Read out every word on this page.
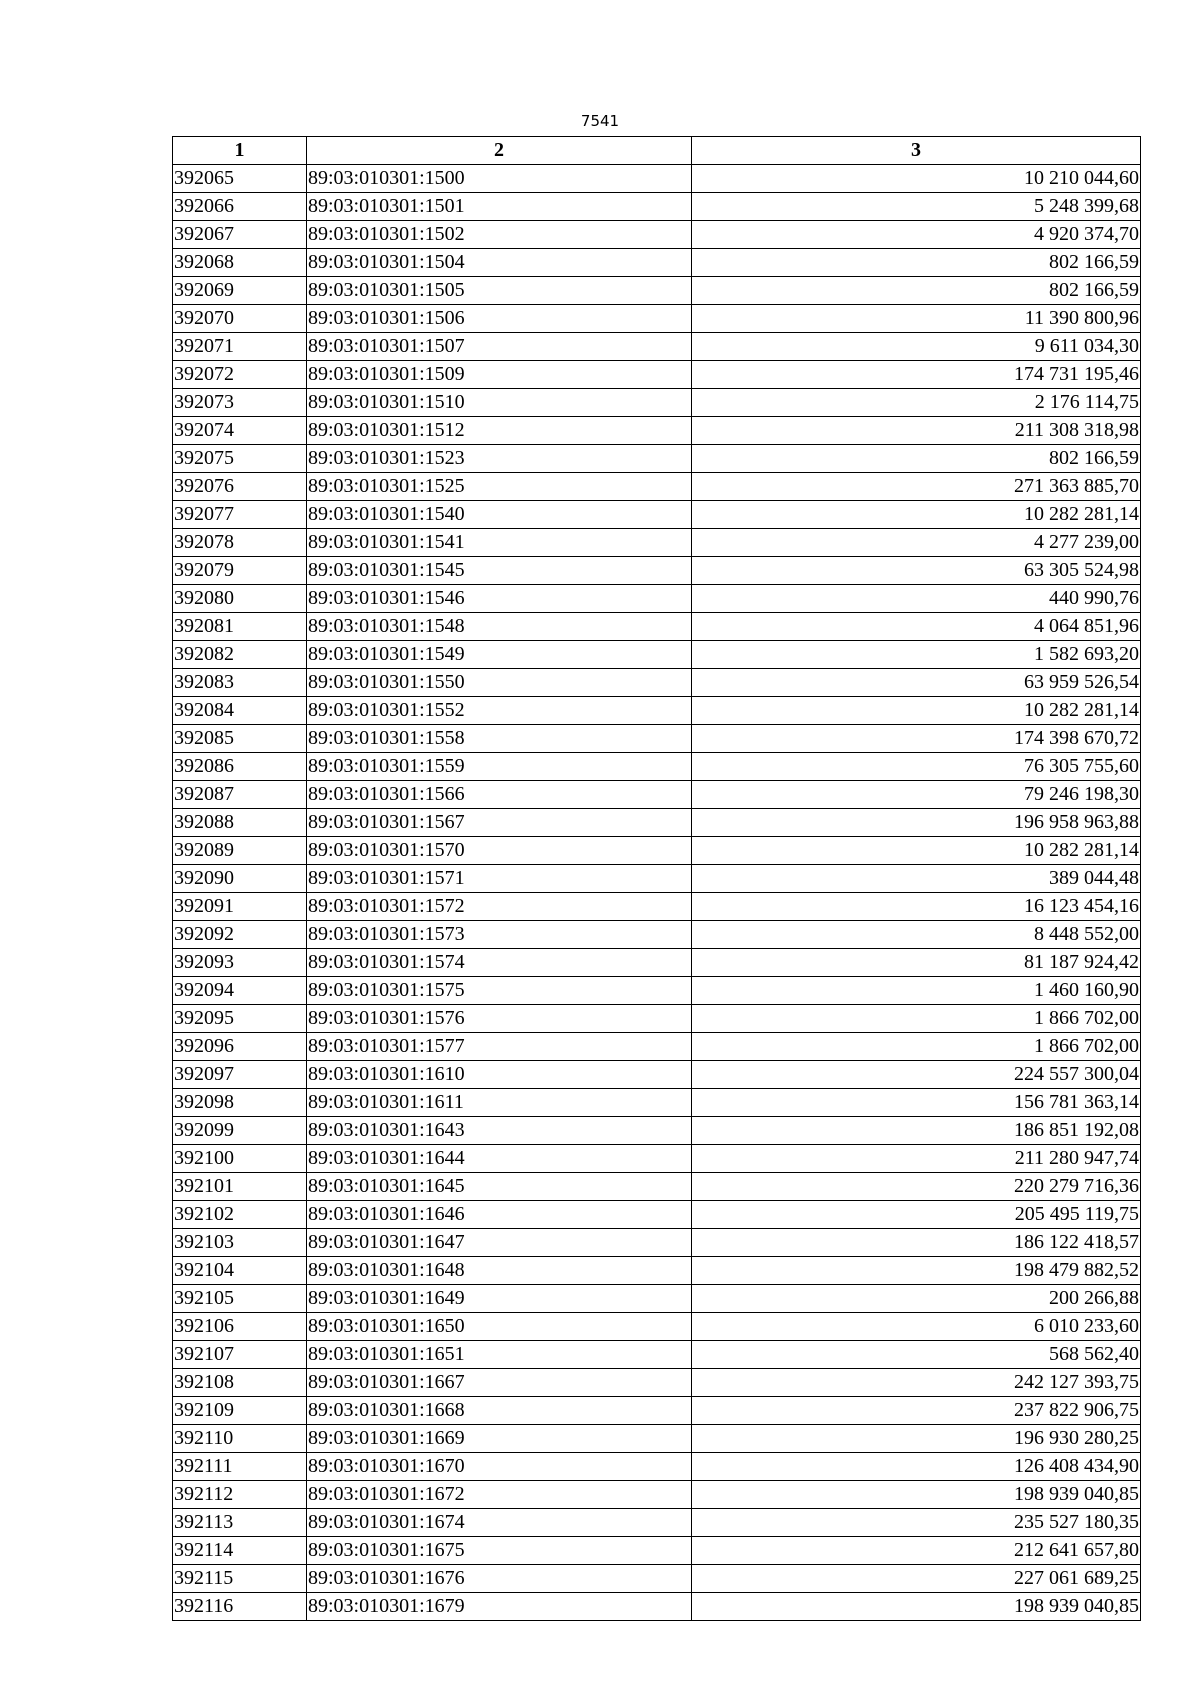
7541
1	2	3
392065	89:03:010301:1500	10 210 044,60
392066	89:03:010301:1501	5 248 399,68
392067	89:03:010301:1502	4 920 374,70
392068	89:03:010301:1504	802 166,59
392069	89:03:010301:1505	802 166,59
392070	89:03:010301:1506	11 390 800,96
392071	89:03:010301:1507	9 611 034,30
392072	89:03:010301:1509	174 731 195,46
392073	89:03:010301:1510	2 176 114,75
392074	89:03:010301:1512	211 308 318,98
392075	89:03:010301:1523	802 166,59
392076	89:03:010301:1525	271 363 885,70
392077	89:03:010301:1540	10 282 281,14
392078	89:03:010301:1541	4 277 239,00
392079	89:03:010301:1545	63 305 524,98
392080	89:03:010301:1546	440 990,76
392081	89:03:010301:1548	4 064 851,96
392082	89:03:010301:1549	1 582 693,20
392083	89:03:010301:1550	63 959 526,54
392084	89:03:010301:1552	10 282 281,14
392085	89:03:010301:1558	174 398 670,72
392086	89:03:010301:1559	76 305 755,60
392087	89:03:010301:1566	79 246 198,30
392088	89:03:010301:1567	196 958 963,88
392089	89:03:010301:1570	10 282 281,14
392090	89:03:010301:1571	389 044,48
392091	89:03:010301:1572	16 123 454,16
392092	89:03:010301:1573	8 448 552,00
392093	89:03:010301:1574	81 187 924,42
392094	89:03:010301:1575	1 460 160,90
392095	89:03:010301:1576	1 866 702,00
392096	89:03:010301:1577	1 866 702,00
392097	89:03:010301:1610	224 557 300,04
392098	89:03:010301:1611	156 781 363,14
392099	89:03:010301:1643	186 851 192,08
392100	89:03:010301:1644	211 280 947,74
392101	89:03:010301:1645	220 279 716,36
392102	89:03:010301:1646	205 495 119,75
392103	89:03:010301:1647	186 122 418,57
392104	89:03:010301:1648	198 479 882,52
392105	89:03:010301:1649	200 266,88
392106	89:03:010301:1650	6 010 233,60
392107	89:03:010301:1651	568 562,40
392108	89:03:010301:1667	242 127 393,75
392109	89:03:010301:1668	237 822 906,75
392110	89:03:010301:1669	196 930 280,25
392111	89:03:010301:1670	126 408 434,90
392112	89:03:010301:1672	198 939 040,85
392113	89:03:010301:1674	235 527 180,35
392114	89:03:010301:1675	212 641 657,80
392115	89:03:010301:1676	227 061 689,25
392116	89:03:010301:1679	198 939 040,85
